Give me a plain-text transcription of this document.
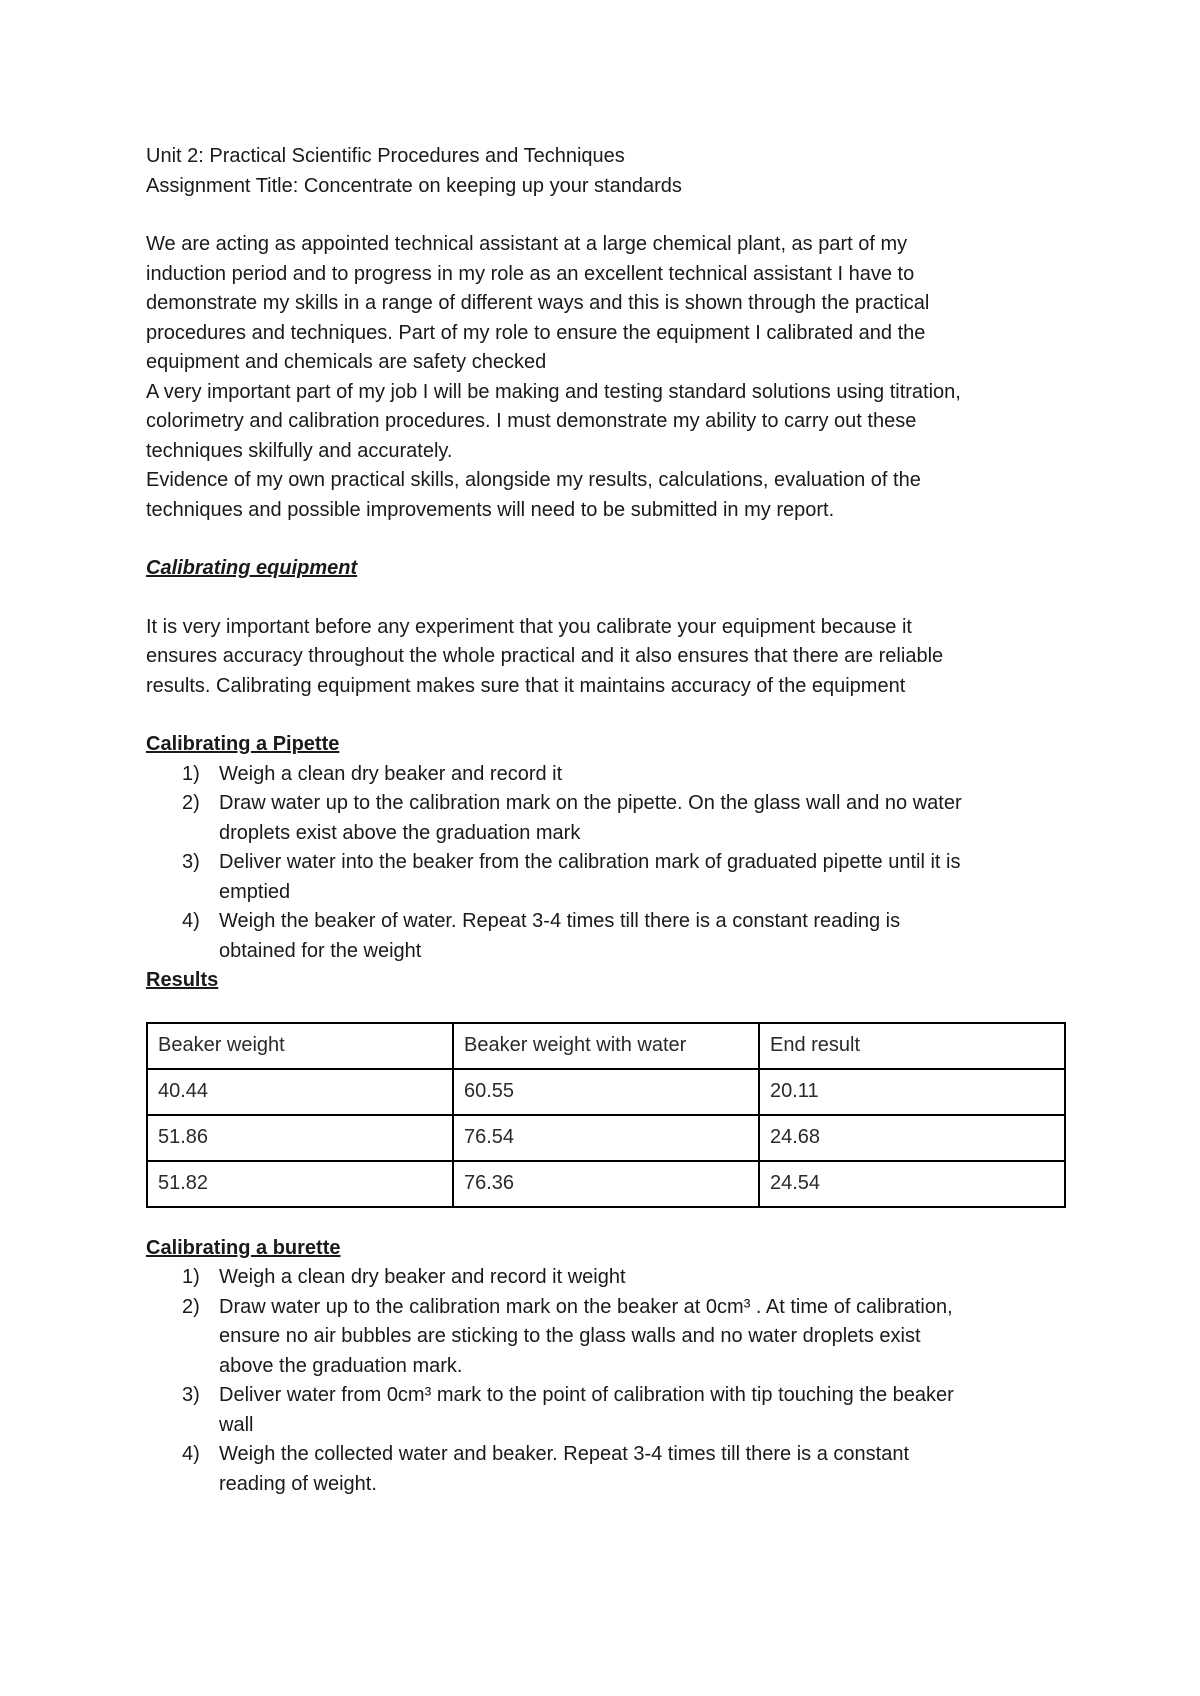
Unit 2: Practical Scientific Procedures and Techniques

Assignment Title: Concentrate on keeping up your standards

We are acting as appointed technical assistant at a large chemical plant, as part of my

induction period and to progress in my role as an excellent technical assistant I have to

demonstrate my skills in a range of different ways and this is shown through the practical

procedures and techniques. Part of my role to ensure the equipment I calibrated and the

equipment and chemicals are safety checked

A very important part of my job I will be making and testing standard solutions using titration,

colorimetry and calibration procedures. I must demonstrate my ability to carry out these

techniques skilfully and accurately.

Evidence of my own practical skills, alongside my results, calculations, evaluation of the

techniques and possible improvements will need to be submitted in my report.

Calibrating equipment

It is very important before any experiment that you calibrate your equipment because it

ensures accuracy throughout the whole practical and it also ensures that there are reliable

results. Calibrating equipment makes sure that it maintains accuracy of the equipment

Calibrating a Pipette

1) Weigh a clean dry beaker and record it
2) Draw water up to the calibration mark on the pipette. On the glass wall and no water
droplets exist above the graduation mark
3) Deliver water into the beaker from the calibration mark of graduated pipette until it is
emptied
4) Weigh the beaker of water. Repeat 3-4 times till there is a constant reading is
obtained for the weight

Results

Beaker weight	Beaker weight with water	End result
40.44	60.55	20.11
51.86	76.54	24.68
51.82	76.36	24.54

Calibrating a burette

1) Weigh a clean dry beaker and record it weight
2) Draw water up to the calibration mark on the beaker at 0cm³ . At time of calibration,
ensure no air bubbles are sticking to the glass walls and no water droplets exist
above the graduation mark.
3) Deliver water from 0cm³ mark to the point of calibration with tip touching the beaker
wall
4) Weigh the collected water and beaker. Repeat 3-4 times till there is a constant
reading of weight.
